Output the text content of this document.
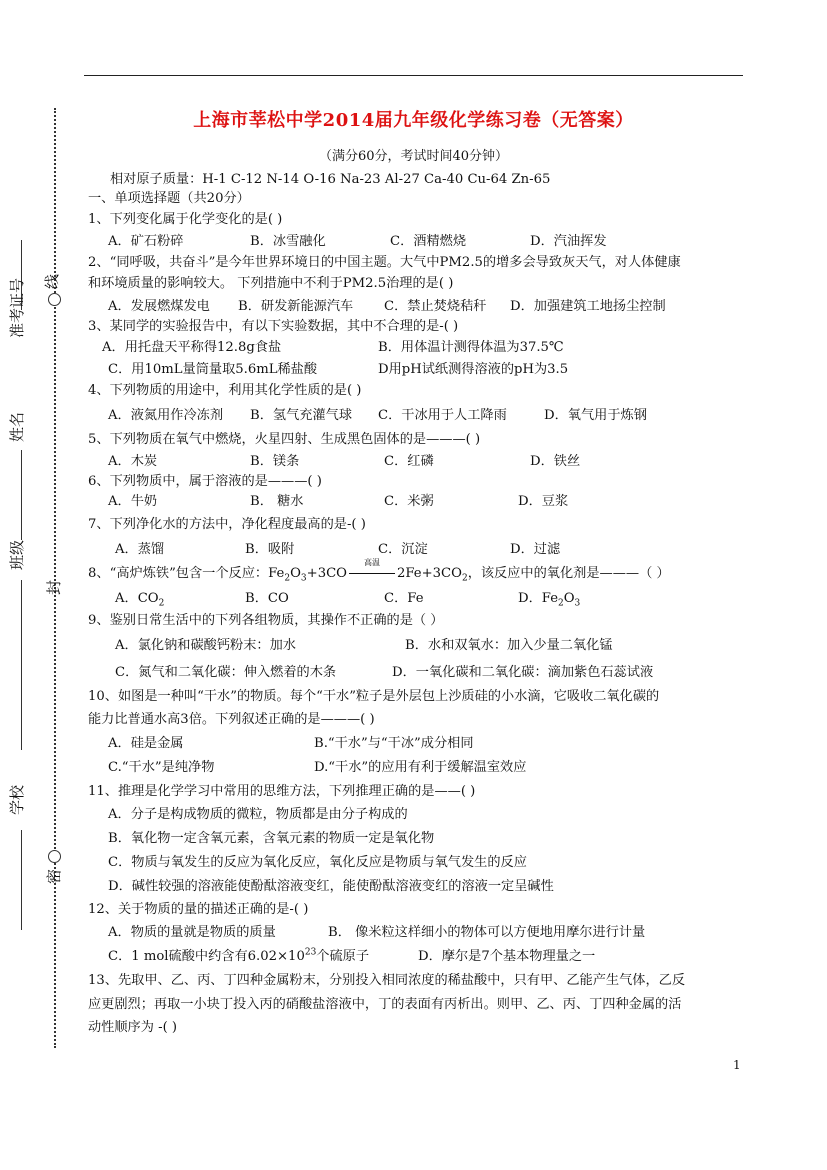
准考证号
姓名
班级
学校
线
封
密
上海市莘松中学2014届九年级化学练习卷（无答案）
（满分60分，考试时间40分钟）
相对原子质量：H-1 C-12 N-14 O-16 Na-23 Al-27 Ca-40 Cu-64 Zn-65
一、单项选择题（共20分）
1、下列变化属于化学变化的是( )
A．矿石粉碎	B．冰雪融化	C．酒精燃烧	D．汽油挥发
2、“同呼吸，共奋斗”是今年世界环境日的中国主题。大气中PM2.5的增多会导致灰天气，对人体健康
和环境质量的影响较大。 下列措施中不利于PM2.5治理的是( )
A．发展燃煤发电 B．研发新能源汽车 C．禁止焚烧秸秆 D．加强建筑工地扬尘控制
3、某同学的实验报告中，有以下实验数据，其中不合理的是-( )
A．用托盘天平称得12.8g食盐	B．用体温计测得体温为37.5℃
C．用10mL量筒量取5.6mL稀盐酸	D用pH试纸测得溶液的pH为3.5
4、下列物质的用途中，利用其化学性质的是( )
A．液氮用作冷冻剂 B．氢气充灌气球 C．干冰用于人工降雨	D．氧气用于炼钢
5、下列物质在氧气中燃烧，火星四射、生成黑色固体的是———( )
A．木炭	B．镁条	C．红磷	D．铁丝
6、下列物质中，属于溶液的是———( )
A．牛奶	B． 糖水	C．米粥	D．豆浆
7、下列净化水的方法中，净化程度最高的是-( )
A．蒸馏	B．吸附	C．沉淀	D．过滤
8、“高炉炼铁”包含一个反应：$Fe_2O_3+3CO$
高温
$2Fe+3CO_2$，该反应中的氧化剂是———（ ）
A．$CO_2$	B．CO	C．Fe	D．$Fe_2O_3$
9、鉴别日常生活中的下列各组物质，其操作不正确的是（ ）
A．氯化钠和碳酸钙粉末：加水	B．水和双氧水：加入少量二氧化锰
C．氮气和二氧化碳：伸入燃着的木条	D．一氧化碳和二氧化碳：滴加紫色石蕊试液
10、如图是一种叫“干水”的物质。每个“干水”粒子是外层包上沙质硅的小水滴，它吸收二氧化碳的
能力比普通水高3倍。下列叙述正确的是———( )
A．硅是金属	B.“干水”与“干冰”成分相同
C.“干水”是纯净物	D.“干水”的应用有利于缓解温室效应
11、推理是化学学习中常用的思维方法，下列推理正确的是——( )
A．分子是构成物质的微粒，物质都是由分子构成的
B．氧化物一定含氧元素，含氧元素的物质一定是氧化物
C．物质与氧发生的反应为氧化反应，氧化反应是物质与氧气发生的反应
D．碱性较强的溶液能使酚酞溶液变红，能使酚酞溶液变红的溶液一定呈碱性
12、关于物质的量的描述正确的是-( )
A．物质的量就是物质的质量	B． 像米粒这样细小的物体可以方便地用摩尔进行计量
C．1 mol硫酸中约含有$6.02\times 10^{23}$个硫原子	D．摩尔是7个基本物理量之一
13、先取甲、乙、丙、丁四种金属粉末，分别投入相同浓度的稀盐酸中，只有甲、乙能产生气体，乙反
应更剧烈；再取一小块丁投入丙的硝酸盐溶液中，丁的表面有丙析出。则甲、乙、丙、丁四种金属的活
动性顺序为 -( )
1
